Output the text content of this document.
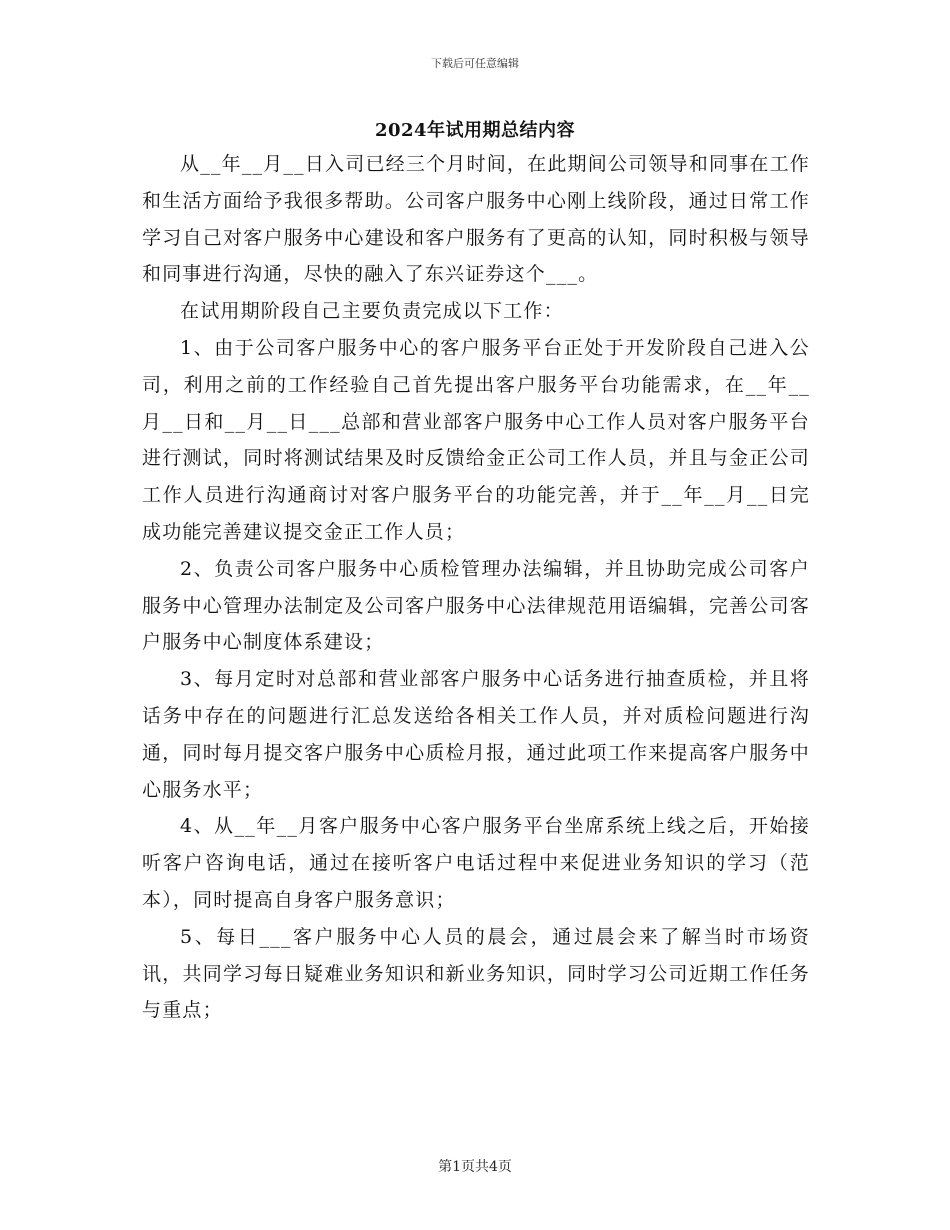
下载后可任意编辑
2024年试用期总结内容

从__年__月__日入司已经三个月时间，在此期间公司领导和同事在工作和生活方面给予我很多帮助。公司客户服务中心刚上线阶段，通过日常工作学习自己对客户服务中心建设和客户服务有了更高的认知，同时积极与领导和同事进行沟通，尽快的融入了东兴证券这个___。

在试用期阶段自己主要负责完成以下工作：

1、由于公司客户服务中心的客户服务平台正处于开发阶段自己进入公司，利用之前的工作经验自己首先提出客户服务平台功能需求，在__年__月__日和__月__日___总部和营业部客户服务中心工作人员对客户服务平台进行测试，同时将测试结果及时反馈给金正公司工作人员，并且与金正公司工作人员进行沟通商讨对客户服务平台的功能完善，并于__年__月__日完成功能完善建议提交金正工作人员；

2、负责公司客户服务中心质检管理办法编辑，并且协助完成公司客户服务中心管理办法制定及公司客户服务中心法律规范用语编辑，完善公司客户服务中心制度体系建设；

3、每月定时对总部和营业部客户服务中心话务进行抽查质检，并且将话务中存在的问题进行汇总发送给各相关工作人员，并对质检问题进行沟通，同时每月提交客户服务中心质检月报，通过此项工作来提高客户服务中心服务水平；

4、从__年__月客户服务中心客户服务平台坐席系统上线之后，开始接听客户咨询电话，通过在接听客户电话过程中来促进业务知识的学习（范本），同时提高自身客户服务意识；

5、每日___客户服务中心人员的晨会，通过晨会来了解当时市场资讯，共同学习每日疑难业务知识和新业务知识，同时学习公司近期工作任务与重点；

第1页共4页
